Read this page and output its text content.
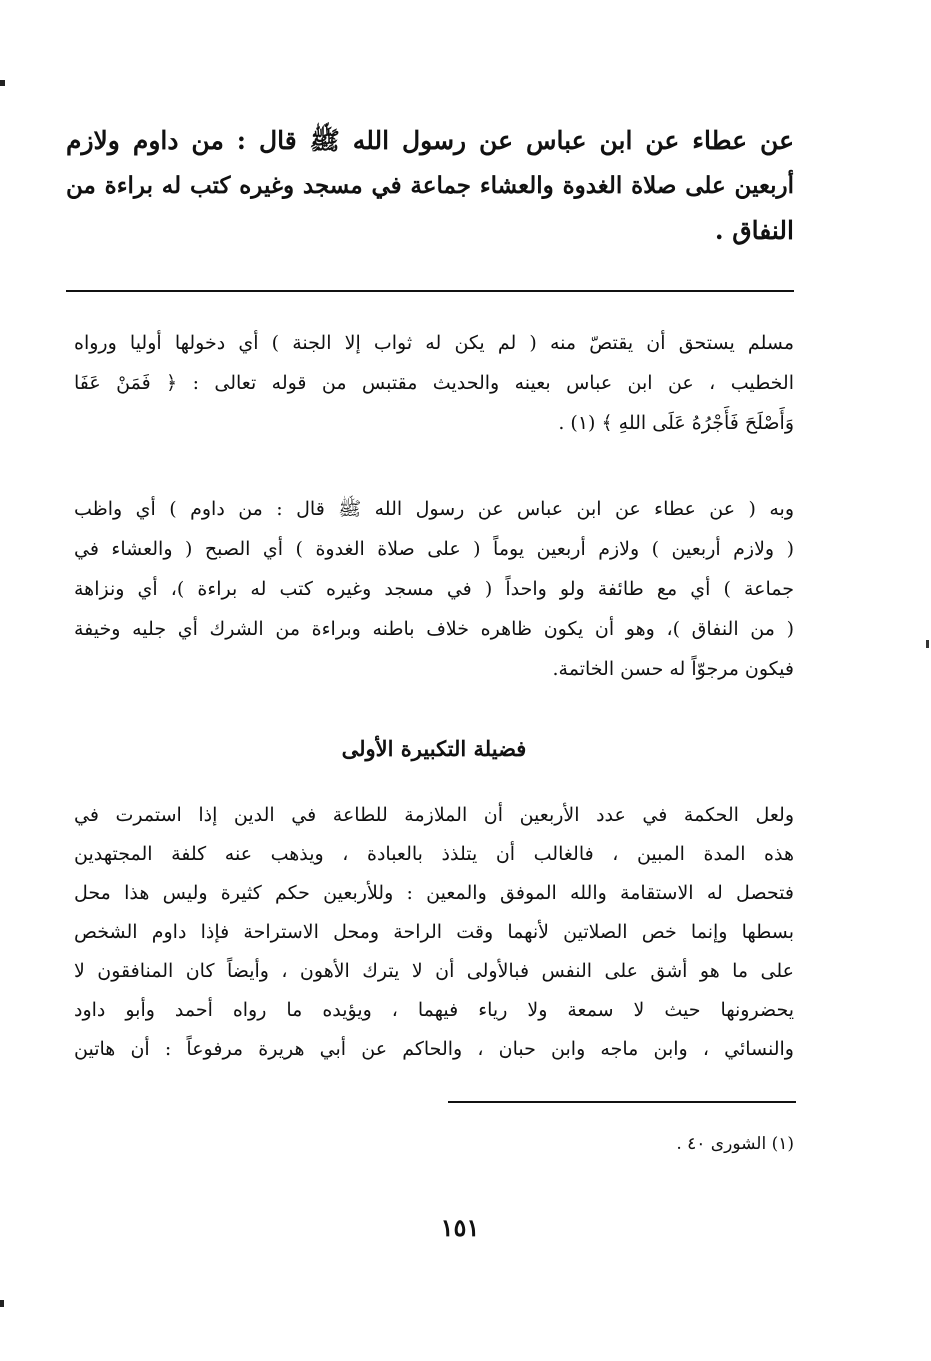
عن عطاء عن ابن عباس عن رسول الله ﷺ قال : من داوم ولازم
أربعين على صلاة الغدوة والعشاء جماعة في مسجد وغيره كتب له براءة من
النفاق .
مسلم يستحق أن يقتصّ منه ( لم يكن له ثواب إلا الجنة ) أي دخولها أوليا ورواه
الخطيب ، عن ابن عباس بعينه والحديث مقتبس من قوله تعالى : ﴿ فَمَنْ عَفَا
وَأَصْلَحَ فَأَجْرُهُ عَلَى اللهِ ﴾ (١) .
وبه ( عن عطاء عن ابن عباس عن رسول الله ﷺ قال : من داوم ) أي واظب
( ولازم أربعين ) ولازم أربعين يوماً ( على صلاة الغدوة ) أي الصبح ( والعشاء في
جماعة ) أي مع طائفة ولو واحداً ( في مسجد وغيره كتب له براءة )، أي ونزاهة
( من النفاق )، وهو أن يكون ظاهره خلاف باطنه وبراءة من الشرك أي جليه وخيفة
فيكون مرجوّاً له حسن الخاتمة.
فضيلة التكبيرة الأولى
ولعل الحكمة في عدد الأربعين أن الملازمة للطاعة في الدين إذا استمرت في
هذه المدة المبين ، فالغالب أن يتلذذ بالعبادة ، ويذهب عنه كلفة المجتهدين
فتحصل له الاستقامة والله الموفق والمعين : وللأربعين حكم كثيرة وليس هذا محل
بسطها وإنما خص الصلاتين لأنهما وقت الراحة ومحل الاستراحة فإذا داوم الشخص
على ما هو أشق على النفس فبالأولى أن لا يترك الأهون ، وأيضاً كان المنافقون لا
يحضرونها حيث لا سمعة ولا رياء فيهما ، ويؤيده ما رواه أحمد وأبو داود
والنسائي ، وابن ماجه وابن حبان ، والحاكم عن أبي هريرة مرفوعاً : أن هاتين
(١) الشورى ٤٠ .
١٥١
